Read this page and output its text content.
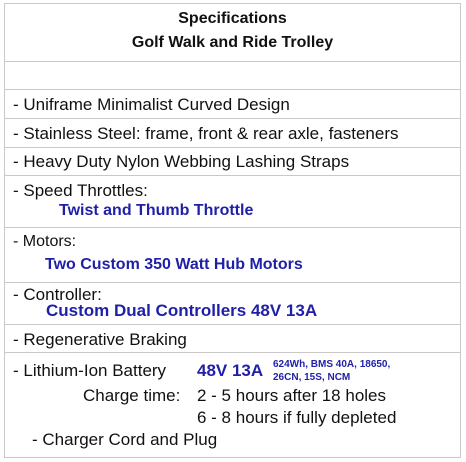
Specifications
Golf Walk and Ride Trolley
- Uniframe Minimalist Curved Design
- Stainless Steel: frame, front & rear axle, fasteners
- Heavy Duty Nylon Webbing Lashing Straps
- Speed Throttles:
Twist and Thumb Throttle
- Motors:
Two Custom 350 Watt Hub Motors
- Controller:
Custom Dual Controllers 48V 13A
- Regenerative Braking
- Lithium-Ion Battery 48V 13A 624Wh, BMS 40A, 18650,
26CN, 15S, NCM
Charge time: 2 - 5 hours after 18 holes
6 - 8 hours if fully depleted
- Charger Cord and Plug
